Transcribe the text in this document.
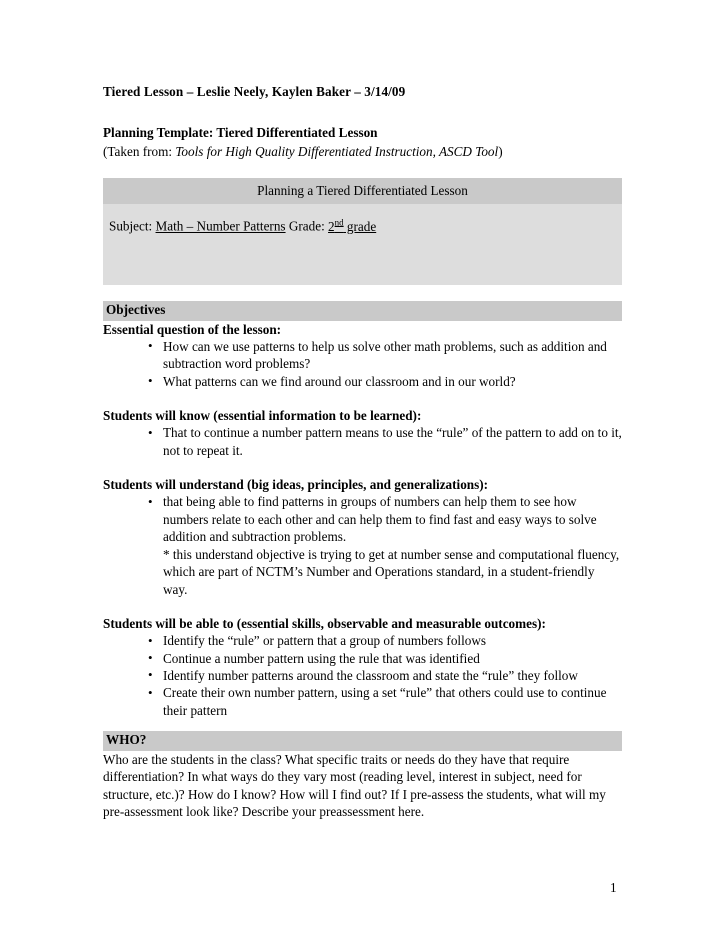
Tiered Lesson – Leslie Neely, Kaylen Baker – 3/14/09
Planning Template: Tiered Differentiated Lesson
(Taken from: Tools for High Quality Differentiated Instruction, ASCD Tool)
Planning a Tiered Differentiated Lesson
Subject: Math – Number Patterns Grade: 2nd grade
Objectives
Essential question of the lesson:
• How can we use patterns to help us solve other math problems, such as addition and subtraction word problems?
• What patterns can we find around our classroom and in our world?
Students will know (essential information to be learned):
• That to continue a number pattern means to use the “rule” of the pattern to add on to it, not to repeat it.
Students will understand (big ideas, principles, and generalizations):
• that being able to find patterns in groups of numbers can help them to see how numbers relate to each other and can help them to find fast and easy ways to solve addition and subtraction problems.
* this understand objective is trying to get at number sense and computational fluency, which are part of NCTM’s Number and Operations standard, in a student-friendly way.
Students will be able to (essential skills, observable and measurable outcomes):
• Identify the “rule” or pattern that a group of numbers follows
• Continue a number pattern using the rule that was identified
• Identify number patterns around the classroom and state the “rule” they follow
• Create their own number pattern, using a set “rule” that others could use to continue their pattern
WHO?
Who are the students in the class? What specific traits or needs do they have that require differentiation? In what ways do they vary most (reading level, interest in subject, need for structure, etc.)? How do I know? How will I find out? If I pre-assess the students, what will my pre-assessment look like? Describe your preassessment here.
1
